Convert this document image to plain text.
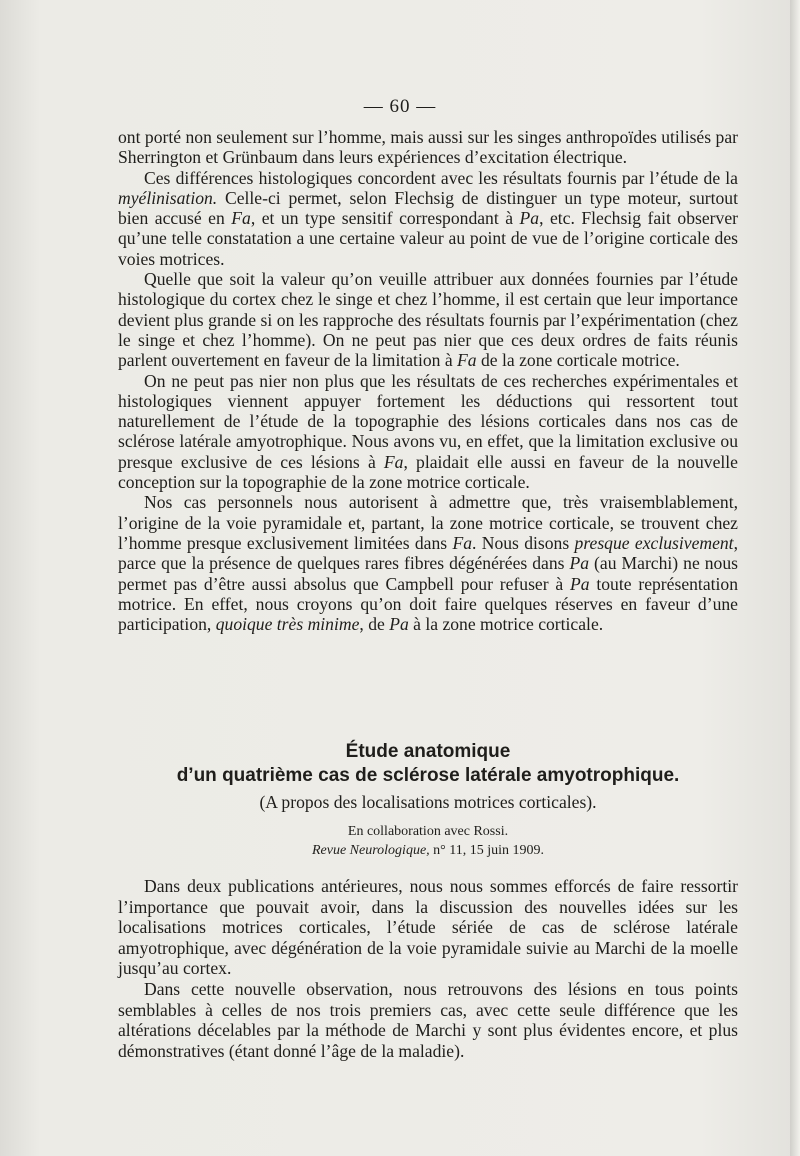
— 60 —

ont porté non seulement sur l’homme, mais aussi sur les singes anthropoïdes utilisés par Sherrington et Grünbaum dans leurs expériences d’excitation électrique.

Ces différences histologiques concordent avec les résultats fournis par l’étude de la myélinisation. Celle-ci permet, selon Flechsig de distinguer un type moteur, surtout bien accusé en Fa, et un type sensitif correspondant à Pa, etc. Flechsig fait observer qu’une telle constatation a une certaine valeur au point de vue de l’origine corticale des voies motrices.

Quelle que soit la valeur qu’on veuille attribuer aux données fournies par l’étude histologique du cortex chez le singe et chez l’homme, il est certain que leur importance devient plus grande si on les rapproche des résultats fournis par l’expérimentation (chez le singe et chez l’homme). On ne peut pas nier que ces deux ordres de faits réunis parlent ouvertement en faveur de la limitation à Fa de la zone corticale motrice.

On ne peut pas nier non plus que les résultats de ces recherches expérimentales et histologiques viennent appuyer fortement les déductions qui ressortent tout naturellement de l’étude de la topographie des lésions corticales dans nos cas de sclérose latérale amyotrophique. Nous avons vu, en effet, que la limitation exclusive ou presque exclusive de ces lésions à Fa, plaidait elle aussi en faveur de la nouvelle conception sur la topographie de la zone motrice corticale.

Nos cas personnels nous autorisent à admettre que, très vraisemblablement, l’origine de la voie pyramidale et, partant, la zone motrice corticale, se trouvent chez l’homme presque exclusivement limitées dans Fa. Nous disons presque exclusivement, parce que la présence de quelques rares fibres dégénérées dans Pa (au Marchi) ne nous permet pas d’être aussi absolus que Campbell pour refuser à Pa toute représentation motrice. En effet, nous croyons qu’on doit faire quelques réserves en faveur d’une participation, quoique très minime, de Pa à la zone motrice corticale.

Étude anatomique
d’un quatrième cas de sclérose latérale amyotrophique.
(A propos des localisations motrices corticales).
En collaboration avec Rossi.
Revue Neurologique, n° 11, 15 juin 1909.

Dans deux publications antérieures, nous nous sommes efforcés de faire ressortir l’importance que pouvait avoir, dans la discussion des nouvelles idées sur les localisations motrices corticales, l’étude sériée de cas de sclérose latérale amyotrophique, avec dégénération de la voie pyramidale suivie au Marchi de la moelle jusqu’au cortex.

Dans cette nouvelle observation, nous retrouvons des lésions en tous points semblables à celles de nos trois premiers cas, avec cette seule différence que les altérations décelables par la méthode de Marchi y sont plus évidentes encore, et plus démonstratives (étant donné l’âge de la maladie).
